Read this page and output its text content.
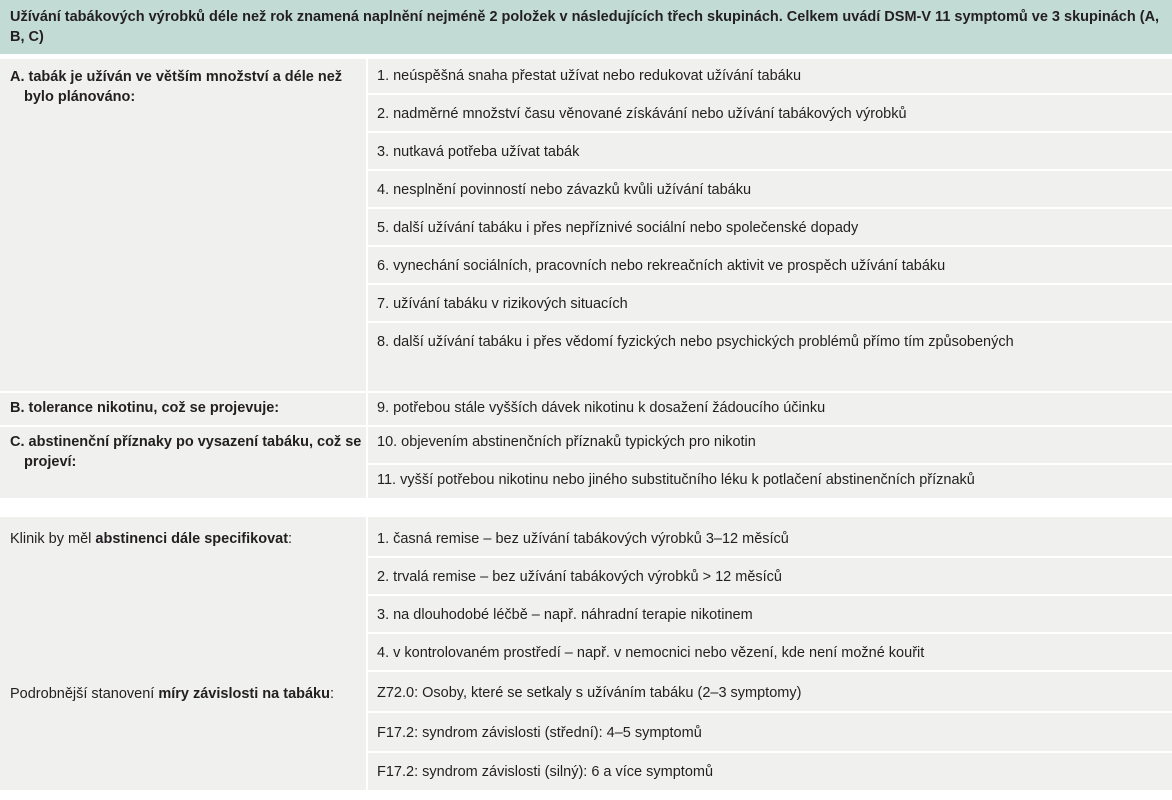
Užívání tabákových výrobků déle než rok znamená naplnění nejméně 2 položek v následujících třech skupinách. Celkem uvádí DSM-V 11 symptomů ve 3 skupinách (A, B, C)
A. tabák je užíván ve větším množství a déle než bylo plánováno:
B. tolerance nikotinu, což se projevuje:
C. abstinenční příznaky po vysazení tabáku, což se projeví:
1. neúspěšná snaha přestat užívat nebo redukovat užívání tabáku
2. nadměrné množství času věnované získávání nebo užívání tabákových výrobků
3. nutkavá potřeba užívat tabák
4. nesplnění povinností nebo závazků kvůli užívání tabáku
5. další užívání tabáku i přes nepříznivé sociální nebo společenské dopady
6. vynechání sociálních, pracovních nebo rekreačních aktivit ve prospěch užívání tabáku
7. užívání tabáku v rizikových situacích
8. další užívání tabáku i přes vědomí fyzických nebo psychických problémů přímo tím způsobených
9. potřebou stále vyšších dávek nikotinu k dosažení žádoucího účinku
10. objevením abstinenčních příznaků typických pro nikotin
11. vyšší potřebou nikotinu nebo jiného substitučního léku k potlačení abstinenčních příznaků
Klinik by měl abstinenci dále specifikovat:
Podrobnější stanovení míry závislosti na tabáku:
1. časná remise – bez užívání tabákových výrobků 3–12 měsíců
2. trvalá remise – bez užívání tabákových výrobků > 12 měsíců
3. na dlouhodobé léčbě – např. náhradní terapie nikotinem
4. v kontrolovaném prostředí – např. v nemocnici nebo vězení, kde není možné kouřit
Z72.0: Osoby, které se setkaly s užíváním tabáku (2–3 symptomy)
F17.2: syndrom závislosti (střední): 4–5 symptomů
F17.2: syndrom závislosti (silný): 6 a více symptomů
